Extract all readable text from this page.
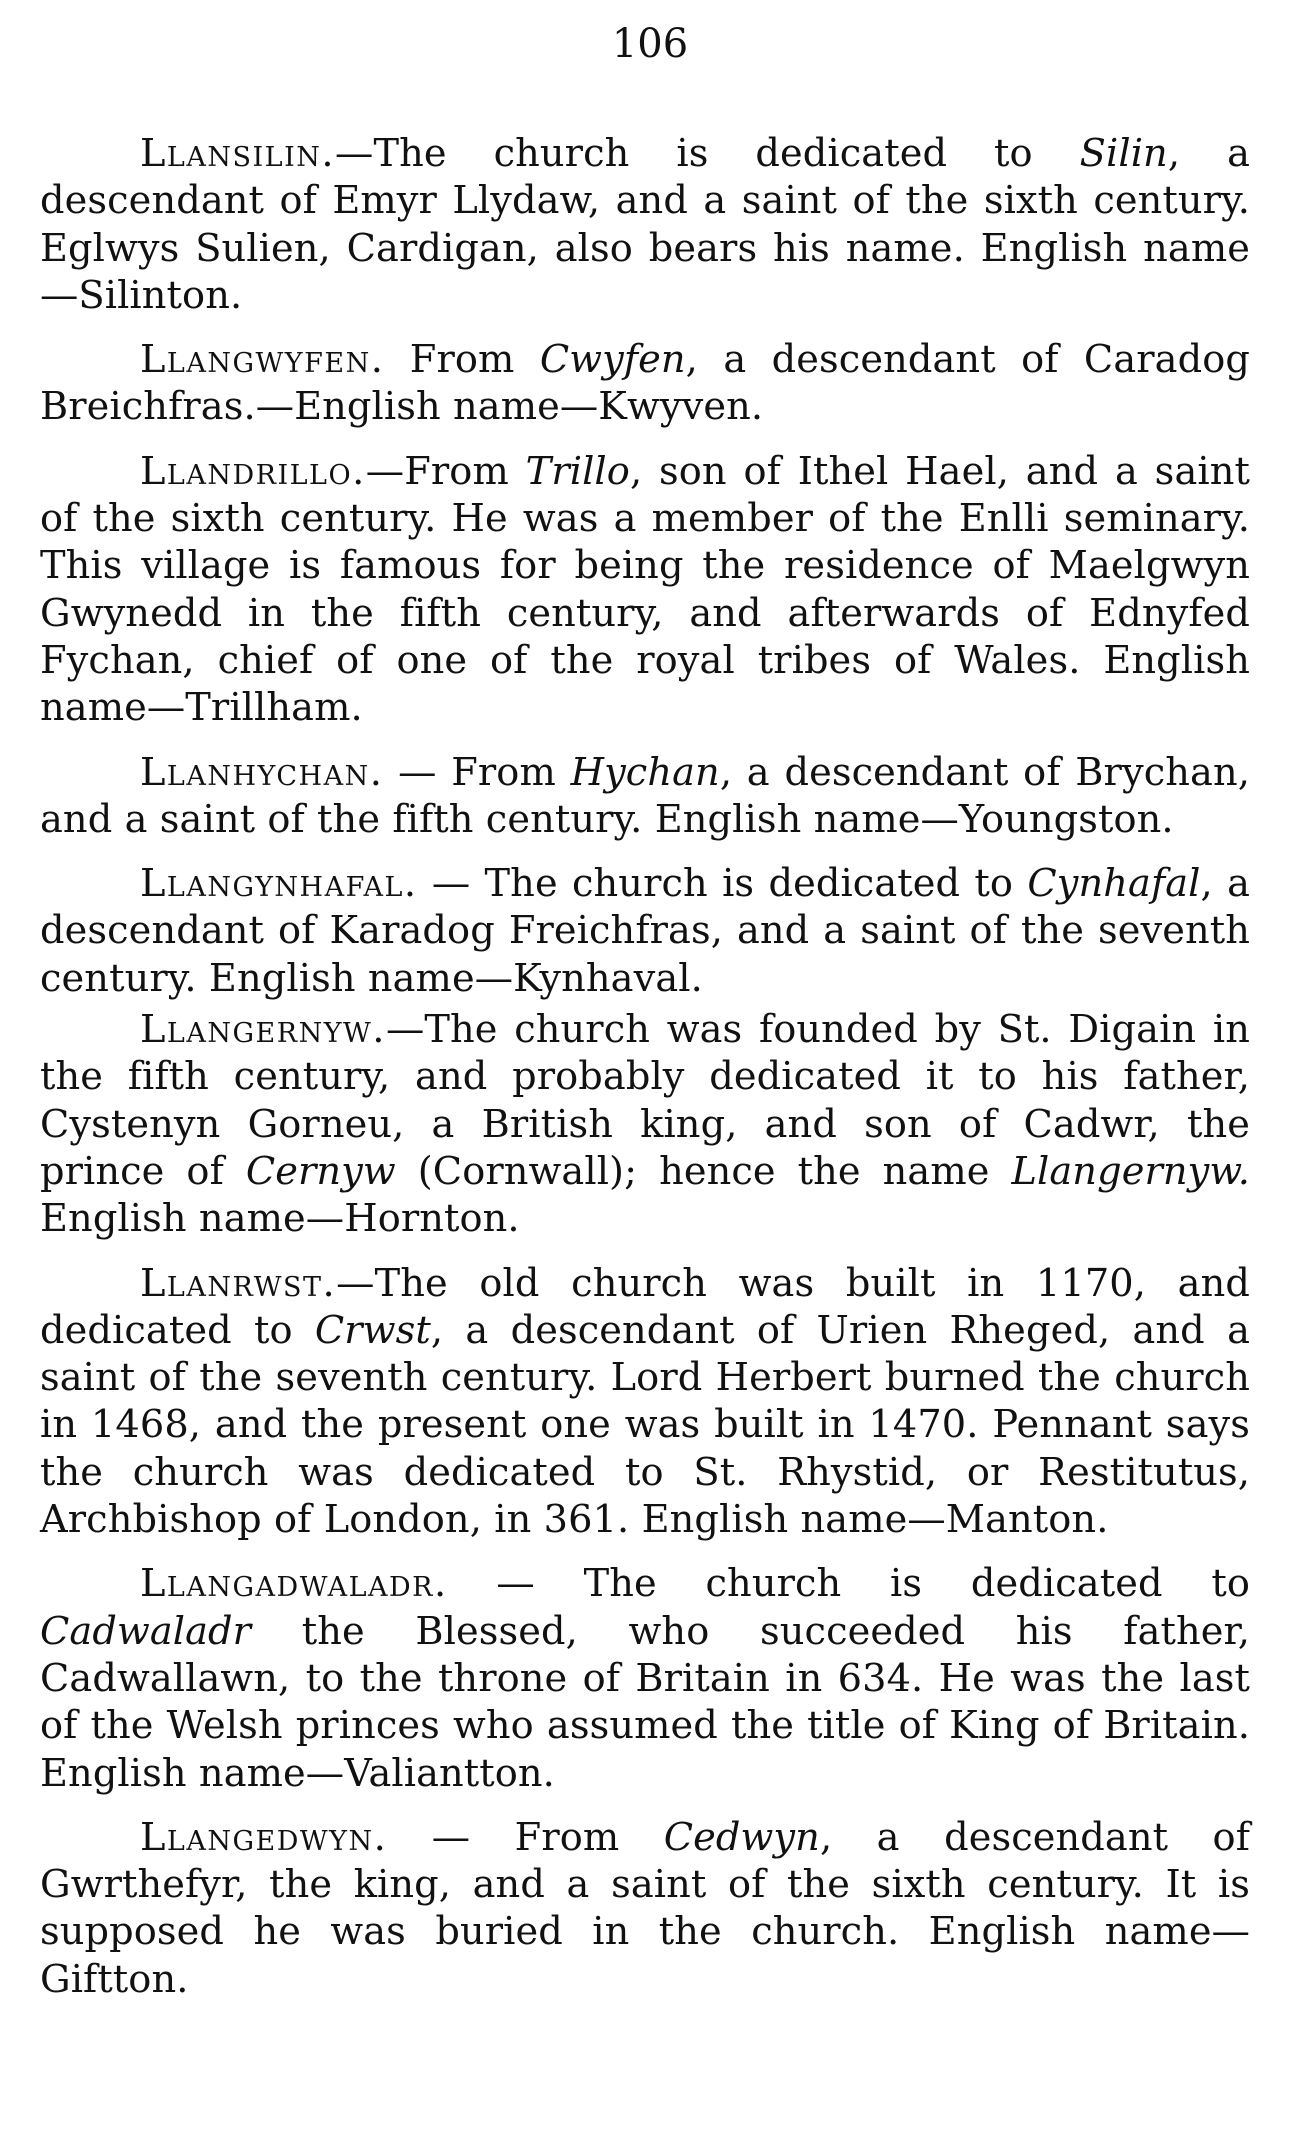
106

Llansilin.—The church is dedicated to Silin, a descendant of Emyr Llydaw, and a saint of the sixth century. Eglwys Sulien, Cardigan, also bears his name. English name—Silinton.

Llangwyfen. From Cwyfen, a descendant of Caradog Breichfras.—English name—Kwyven.

Llandrillo.—From Trillo, son of Ithel Hael, and a saint of the sixth century. He was a member of the Enlli seminary. This village is famous for being the residence of Maelgwyn Gwynedd in the fifth century, and afterwards of Ednyfed Fychan, chief of one of the royal tribes of Wales. English name—Trillham.

Llanhychan. — From Hychan, a descendant of Brychan, and a saint of the fifth century. English name—Youngston.

Llangynhafal. — The church is dedicated to Cynhafal, a descendant of Karadog Freichfras, and a saint of the seventh century. English name—Kynhaval.

Llangernyw.—The church was founded by St. Digain in the fifth century, and probably dedicated it to his father, Cystenyn Gorneu, a British king, and son of Cadwr, the prince of Cernyw (Cornwall); hence the name Llangernyw. English name—Hornton.

Llanrwst.—The old church was built in 1170, and dedicated to Crwst, a descendant of Urien Rheged, and a saint of the seventh century. Lord Herbert burned the church in 1468, and the present one was built in 1470. Pennant says the church was dedicated to St. Rhystid, or Restitutus, Archbishop of London, in 361. English name—Manton.

Llangadwaladr. — The church is dedicated to Cadwaladr the Blessed, who succeeded his father, Cadwallawn, to the throne of Britain in 634. He was the last of the Welsh princes who assumed the title of King of Britain. English name—Valiantton.

Llangedwyn. — From Cedwyn, a descendant of Gwrthefyr, the king, and a saint of the sixth century. It is supposed he was buried in the church. English name—Giftton.
